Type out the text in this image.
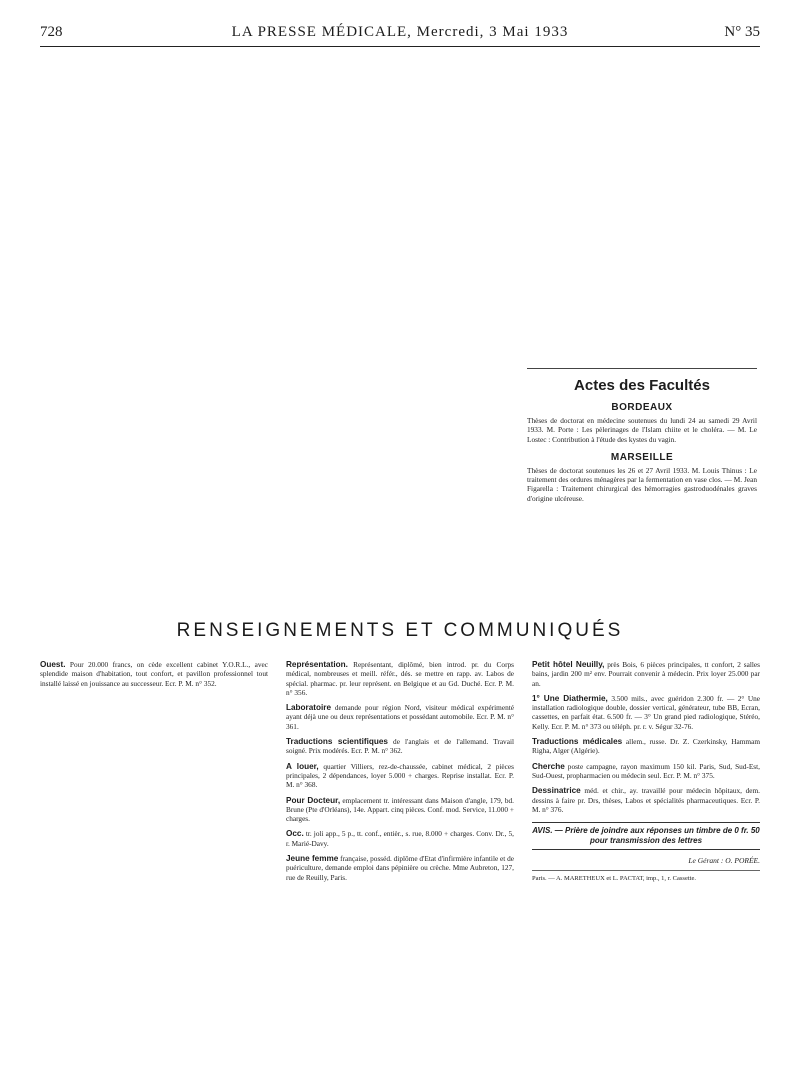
728	LA PRESSE MÉDICALE, Mercredi, 3 Mai 1933	N° 35
Actes des Facultés
BORDEAUX

Thèses de doctorat en médecine soutenues du lundi 24 au samedi 29 Avril 1933. M. Porte : Les pèlerinages de l'Islam chiite et le choléra. — M. Le Lostec : Contribution à l'étude des kystes du vagin.

MARSEILLE

Thèses de doctorat soutenues les 26 et 27 Avril 1933. M. Louis Thinus : Le traitement des ordures ménagères par la fermentation en vase clos. — M. Jean Figarella : Traitement chirurgical des hémorragies gastroduodénales graves d'origine ulcéreuse.

RENSEIGNEMENTS ET COMMUNIQUÉS

Ouest. Pour 20.000 francs, on cède excellent cabinet Y.O.R.L., avec splendide maison d'habitation, tout confort, et pavillon professionnel tout installé laissé en jouissance au successeur. Ecr. P. M. n° 352.

Représentation. Représentant, diplômé, bien introd. pr. du Corps médical, nombreuses et meill. référ., dés. se mettre en rapp. av. Labos de spécial. pharmac. pr. leur représent. en Belgique et au Gd. Duché. Ecr. P. M. n° 356.

Laboratoire demande pour région Nord, visiteur médical expérimenté ayant déjà une ou deux représentations et possédant automobile. Ecr. P. M. n° 361.

Traductions scientifiques de l'anglais et de l'allemand. Travail soigné. Prix modérés. Ecr. P. M. n° 362.

A louer, quartier Villiers, rez-de-chaussée, cabinet médical, 2 pièces principales, 2 dépendances, loyer 5.000 + charges. Reprise installat. Ecr. P. M. n° 368.

Pour Docteur, emplacement tr. intéressant dans Maison d'angle, 179, bd. Brune (Pte d'Orléans), 14e. Appart. cinq pièces. Conf. mod. Service, 11.000 + charges.

Occ. tr. joli app., 5 p., tt. conf., entièr., s. rue, 8.000 + charges. Conv. Dr., 5, r. Marié-Davy.

Jeune femme française, posséd. diplôme d'Etat d'infirmière infantile et de puériculture, demande emploi dans pépinière ou crèche. Mme Aubreton, 127, rue de Reuilly, Paris.

Petit hôtel Neuilly, près Bois, 6 pièces principales, tt confort, 2 salles bains, jardin 200 m² env. Pourrait convenir à médecin. Prix loyer 25.000 par an.

1° Une Diathermie, 3.500 mils., avec guéridon 2.300 fr. — 2° Une installation radiologique double, dossier vertical, générateur, tube BB, Ecran, cassettes, en parfait état. 6.500 fr. — 3° Un grand pied radiologique, Stéréo, Kelly. Ecr. P. M. n° 373 ou téléph. pr. r. v. Ségur 32-76.

Traductions médicales allem., russe. Dr. Z. Czerkinsky, Hammam Righa, Alger (Algérie).

Cherche poste campagne, rayon maximum 150 kil. Paris, Sud, Sud-Est, Sud-Ouest, propharmacien ou médecin seul. Ecr. P. M. n° 375.

Dessinatrice méd. et chir., ay. travaillé pour médecin hôpitaux, dem. dessins à faire pr. Drs, thèses, Labos et spécialités pharmaceutiques. Ecr. P. M. n° 376.

AVIS. — Prière de joindre aux réponses un timbre de 0 fr. 50 pour transmission des lettres
Le Gérant : O. PORÉE.
Paris. — A. MARETHEUX et L. PACTAT, imp., 1, r. Cassette.
